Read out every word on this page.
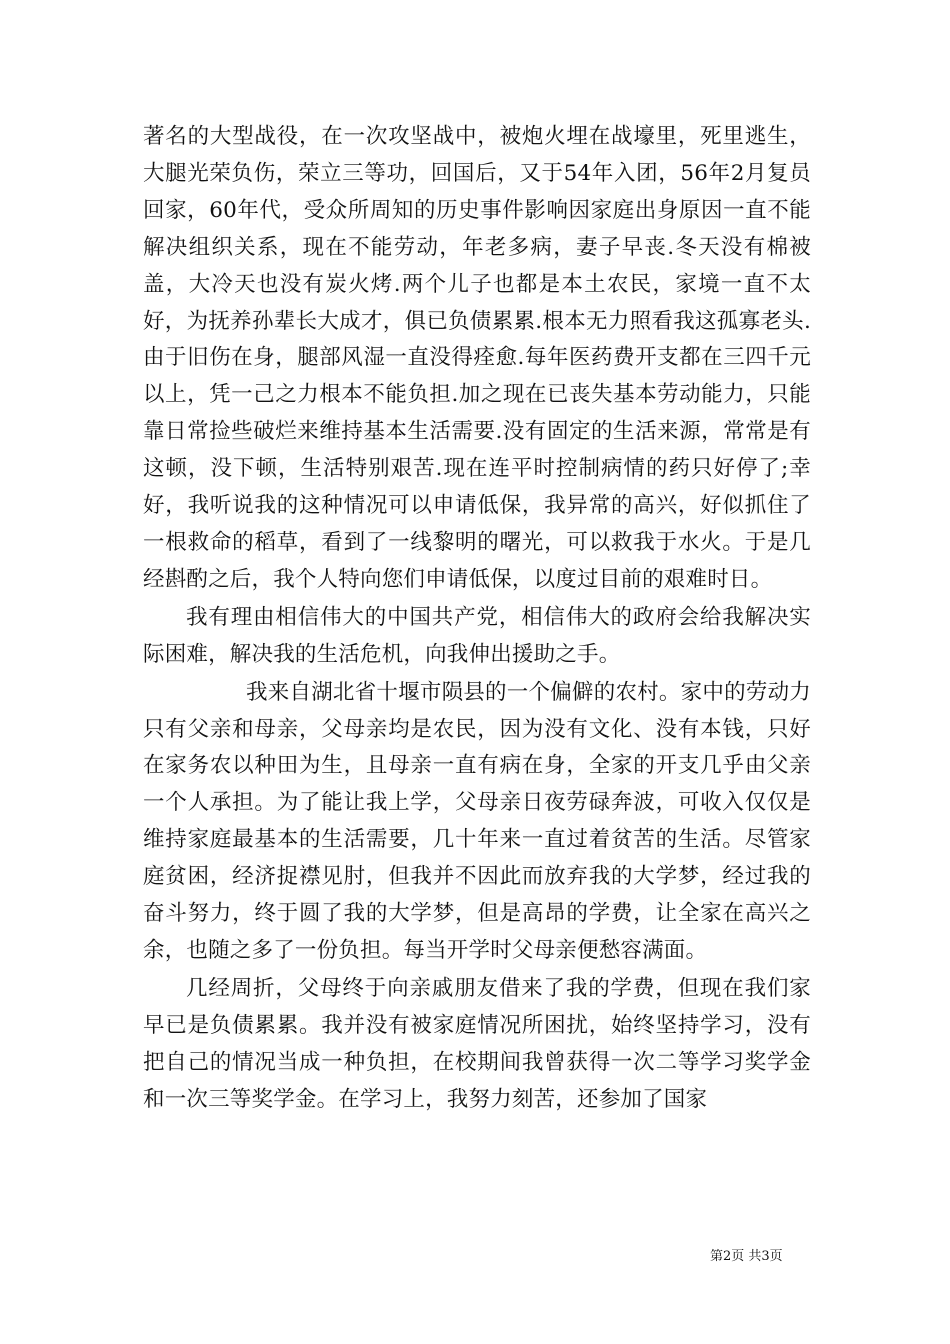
著名的大型战役，在一次攻坚战中，被炮火埋在战壕里，死里逃生，大腿光荣负伤，荣立三等功，回国后，又于54年入团，56年2月复员回家，60年代，受众所周知的历史事件影响因家庭出身原因一直不能解决组织关系，现在不能劳动，年老多病，妻子早丧.冬天没有棉被盖，大冷天也没有炭火烤.两个儿子也都是本土农民，家境一直不太好，为抚养孙辈长大成才，俱已负债累累.根本无力照看我这孤寡老头.由于旧伤在身，腿部风湿一直没得痊愈.每年医药费开支都在三四千元以上，凭一己之力根本不能负担.加之现在已丧失基本劳动能力，只能靠日常捡些破烂来维持基本生活需要.没有固定的生活来源，常常是有这顿，没下顿，生活特别艰苦.现在连平时控制病情的药只好停了;幸好，我听说我的这种情况可以申请低保，我异常的高兴，好似抓住了一根救命的稻草，看到了一线黎明的曙光，可以救我于水火。于是几经斟酌之后，我个人特向您们申请低保，以度过目前的艰难时日。

我有理由相信伟大的中国共产党，相信伟大的政府会给我解决实际困难，解决我的生活危机，向我伸出援助之手。

我来自湖北省十堰市陨县的一个偏僻的农村。家中的劳动力只有父亲和母亲，父母亲均是农民，因为没有文化、没有本钱，只好在家务农以种田为生，且母亲一直有病在身，全家的开支几乎由父亲一个人承担。为了能让我上学，父母亲日夜劳碌奔波，可收入仅仅是维持家庭最基本的生活需要，几十年来一直过着贫苦的生活。尽管家庭贫困，经济捉襟见肘，但我并不因此而放弃我的大学梦，经过我的奋斗努力，终于圆了我的大学梦，但是高昂的学费，让全家在高兴之余，也随之多了一份负担。每当开学时父母亲便愁容满面。

几经周折，父母终于向亲戚朋友借来了我的学费，但现在我们家早已是负债累累。我并没有被家庭情况所困扰，始终坚持学习，没有把自己的情况当成一种负担，在校期间我曾获得一次二等学习奖学金和一次三等奖学金。在学习上，我努力刻苦，还参加了国家

第2页 共3页
